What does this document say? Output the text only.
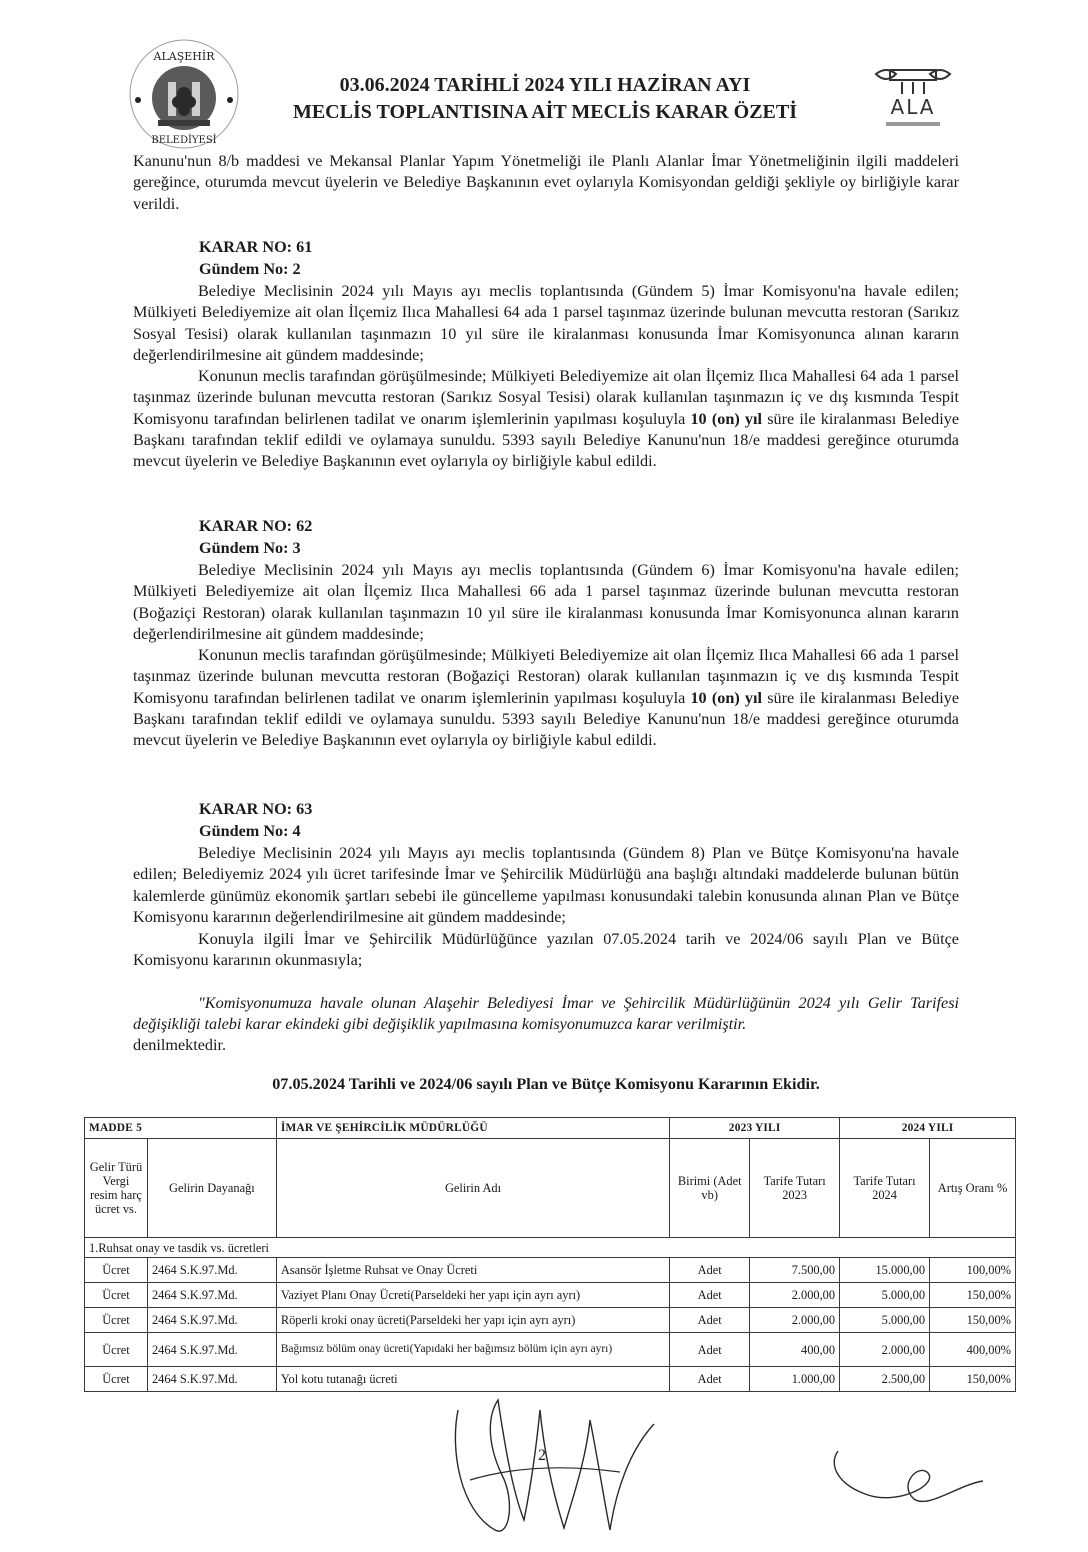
ALAŞEHİR
BELEDİYESİ
ALA
03.06.2024 TARİHLİ 2024 YILI HAZİRAN AYI
MECLİS TOPLANTISINA AİT MECLİS KARAR ÖZETİ
Kanunu'nun 8/b maddesi ve Mekansal Planlar Yapım Yönetmeliği ile Planlı Alanlar İmar Yönetmeliğinin ilgili maddeleri gereğince, oturumda mevcut üyelerin ve Belediye Başkanının evet oylarıyla Komisyondan geldiği şekliyle oy birliğiyle karar verildi.
KARAR NO: 61
Gündem No: 2
Belediye Meclisinin 2024 yılı Mayıs ayı meclis toplantısında (Gündem 5) İmar Komisyonu'na havale edilen; Mülkiyeti Belediyemize ait olan İlçemiz Ilıca Mahallesi 64 ada 1 parsel taşınmaz üzerinde bulunan mevcutta restoran (Sarıkız Sosyal Tesisi) olarak kullanılan taşınmazın 10 yıl süre ile kiralanması konusunda İmar Komisyonunca alınan kararın değerlendirilmesine ait gündem maddesinde;
Konunun meclis tarafından görüşülmesinde; Mülkiyeti Belediyemize ait olan İlçemiz Ilıca Mahallesi 64 ada 1 parsel taşınmaz üzerinde bulunan mevcutta restoran (Sarıkız Sosyal Tesisi) olarak kullanılan taşınmazın iç ve dış kısmında Tespit Komisyonu tarafından belirlenen tadilat ve onarım işlemlerinin yapılması koşuluyla 10 (on) yıl süre ile kiralanması Belediye Başkanı tarafından teklif edildi ve oylamaya sunuldu. 5393 sayılı Belediye Kanunu'nun 18/e maddesi gereğince oturumda mevcut üyelerin ve Belediye Başkanının evet oylarıyla oy birliğiyle kabul edildi.
KARAR NO: 62
Gündem No: 3
Belediye Meclisinin 2024 yılı Mayıs ayı meclis toplantısında (Gündem 6) İmar Komisyonu'na havale edilen; Mülkiyeti Belediyemize ait olan İlçemiz Ilıca Mahallesi 66 ada 1 parsel taşınmaz üzerinde bulunan mevcutta restoran (Boğaziçi Restoran) olarak kullanılan taşınmazın 10 yıl süre ile kiralanması konusunda İmar Komisyonunca alınan kararın değerlendirilmesine ait gündem maddesinde;
Konunun meclis tarafından görüşülmesinde; Mülkiyeti Belediyemize ait olan İlçemiz Ilıca Mahallesi 66 ada 1 parsel taşınmaz üzerinde bulunan mevcutta restoran (Boğaziçi Restoran) olarak kullanılan taşınmazın iç ve dış kısmında Tespit Komisyonu tarafından belirlenen tadilat ve onarım işlemlerinin yapılması koşuluyla 10 (on) yıl süre ile kiralanması Belediye Başkanı tarafından teklif edildi ve oylamaya sunuldu. 5393 sayılı Belediye Kanunu'nun 18/e maddesi gereğince oturumda mevcut üyelerin ve Belediye Başkanının evet oylarıyla oy birliğiyle kabul edildi.
KARAR NO: 63
Gündem No: 4
Belediye Meclisinin 2024 yılı Mayıs ayı meclis toplantısında (Gündem 8) Plan ve Bütçe Komisyonu'na havale edilen; Belediyemiz 2024 yılı ücret tarifesinde İmar ve Şehircilik Müdürlüğü ana başlığı altındaki maddelerde bulunan bütün kalemlerde günümüz ekonomik şartları sebebi ile güncelleme yapılması konusundaki talebin konusunda alınan Plan ve Bütçe Komisyonu kararının değerlendirilmesine ait gündem maddesinde;
Konuyla ilgili İmar ve Şehircilik Müdürlüğünce yazılan 07.05.2024 tarih ve 2024/06 sayılı Plan ve Bütçe Komisyonu kararının okunmasıyla;
"Komisyonumuza havale olunan Alaşehir Belediyesi İmar ve Şehircilik Müdürlüğünün 2024 yılı Gelir Tarifesi değişikliği talebi karar ekindeki gibi değişiklik yapılmasına komisyonumuzca karar verilmiştir.
denilmektedir.
07.05.2024 Tarihli ve 2024/06 sayılı Plan ve Bütçe Komisyonu Kararının Ekidir.
MADDE 5		İMAR VE ŞEHİRCİLİK MÜDÜRLÜĞÜ	2023 YILI		2024 YILI	
Gelir Türü Vergi resim harç ücret vs.	Gelirin Dayanağı	Gelirin Adı	Birimi (Adet vb)	Tarife Tutarı 2023	Tarife Tutarı 2024	Artış Oranı %
1.Ruhsat onay ve tasdik vs. ücretleri						
Ücret	2464 S.K.97.Md.	Asansör İşletme Ruhsat ve Onay Ücreti	Adet	7.500,00	15.000,00	100,00%
Ücret	2464 S.K.97.Md.	Vaziyet Planı Onay Ücreti(Parseldeki her yapı için ayrı ayrı)	Adet	2.000,00	5.000,00	150,00%
Ücret	2464 S.K.97.Md.	Röperli kroki onay ücreti(Parseldeki her yapı için ayrı ayrı)	Adet	2.000,00	5.000,00	150,00%
Ücret	2464 S.K.97.Md.	Bağımsız bölüm onay ücreti(Yapıdaki her bağımsız bölüm için ayrı ayrı)	Adet	400,00	2.000,00	400,00%
Ücret	2464 S.K.97.Md.	Yol kotu tutanağı ücreti	Adet	1.000,00	2.500,00	150,00%
2
